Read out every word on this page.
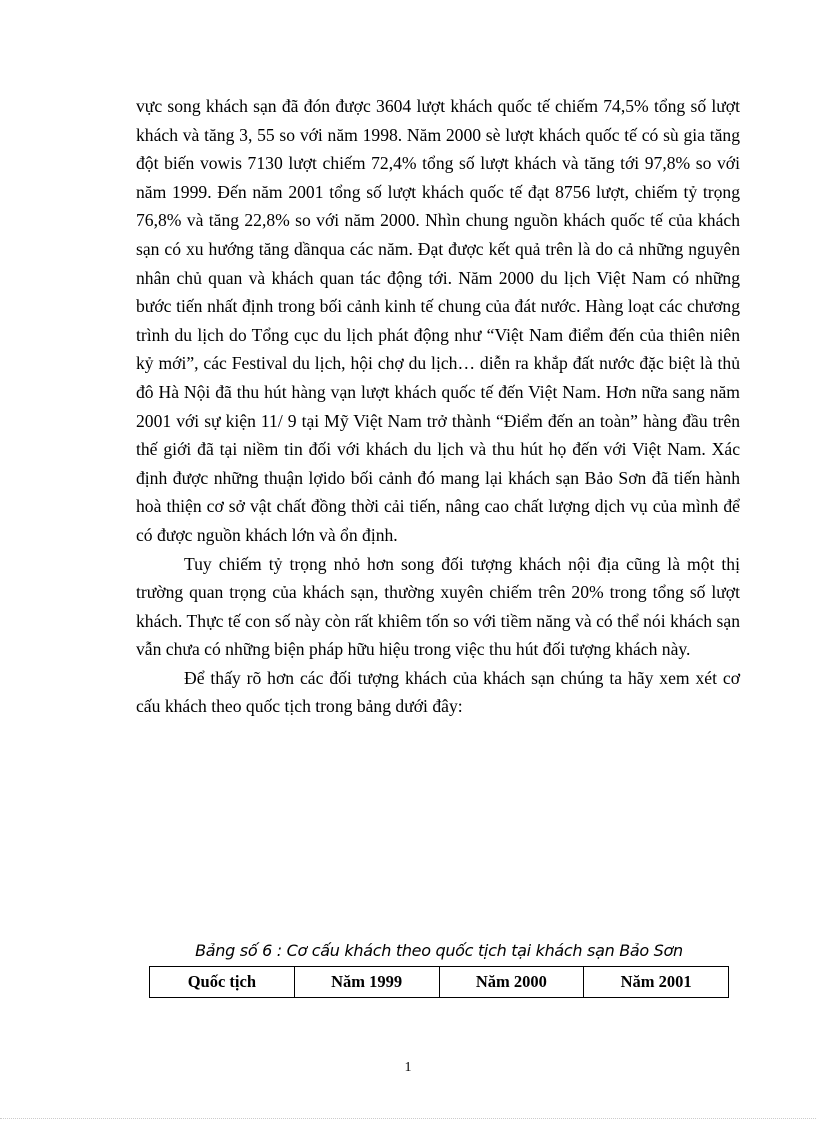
vực song khách sạn đã đón được 3604 lượt khách quốc tế chiếm 74,5% tổng số lượt khách và tăng 3, 55 so với năm 1998. Năm 2000 sè lượt khách quốc tế có sù gia tăng đột biến vowis 7130 lượt chiếm 72,4% tổng số lượt khách và tăng tới 97,8% so với năm 1999. Đến năm 2001 tổng số lượt khách quốc tế đạt 8756 lượt, chiếm tỷ trọng 76,8% và tăng 22,8% so với năm 2000. Nhìn chung nguồn khách quốc tế của khách sạn có xu hướng tăng dầnqua các năm. Đạt được kết quả trên là do cả những nguyên nhân chủ quan và khách quan tác động tới. Năm 2000 du lịch Việt Nam có những bước tiến nhất định trong bối cảnh kinh tế chung của đát nước. Hàng loạt các chương trình du lịch do Tổng cục du lịch phát động như “Việt Nam điểm đến của thiên niên kỷ mới”, các Festival du lịch, hội chợ du lịch… diễn ra khắp đất nước đặc biệt là thủ đô Hà Nội đã thu hút hàng vạn lượt khách quốc tế đến Việt Nam. Hơn nữa sang năm 2001 với sự kiện 11/ 9 tại Mỹ Việt Nam trở thành “Điểm đến an toàn” hàng đầu trên thế giới đã tại niềm tin đối với khách du lịch và thu hút họ đến với Việt Nam. Xác định được những thuận lợido bối cảnh đó mang lại khách sạn Bảo Sơn đã tiến hành hoà thiện cơ sở vật chất đồng thời cải tiến, nâng cao chất lượng dịch vụ của mình để có được nguồn khách lớn và ổn định.

Tuy chiếm tỷ trọng nhỏ hơn song đối tượng khách nội địa cũng là một thị trường quan trọng của khách sạn, thường xuyên chiếm trên 20% trong tổng số lượt khách. Thực tế con số này còn rất khiêm tốn so với tiềm năng và có thể nói khách sạn vẫn chưa có những biện pháp hữu hiệu trong việc thu hút đối tượng khách này.

Để thấy rõ hơn các đối tượng khách của khách sạn chúng ta hãy xem xét cơ cấu khách theo quốc tịch trong bảng dưới đây:

Bảng số 6 : Cơ cấu khách theo quốc tịch tại khách sạn Bảo Sơn
Quốc tịch	Năm 1999	Năm 2000	Năm 2001
1
